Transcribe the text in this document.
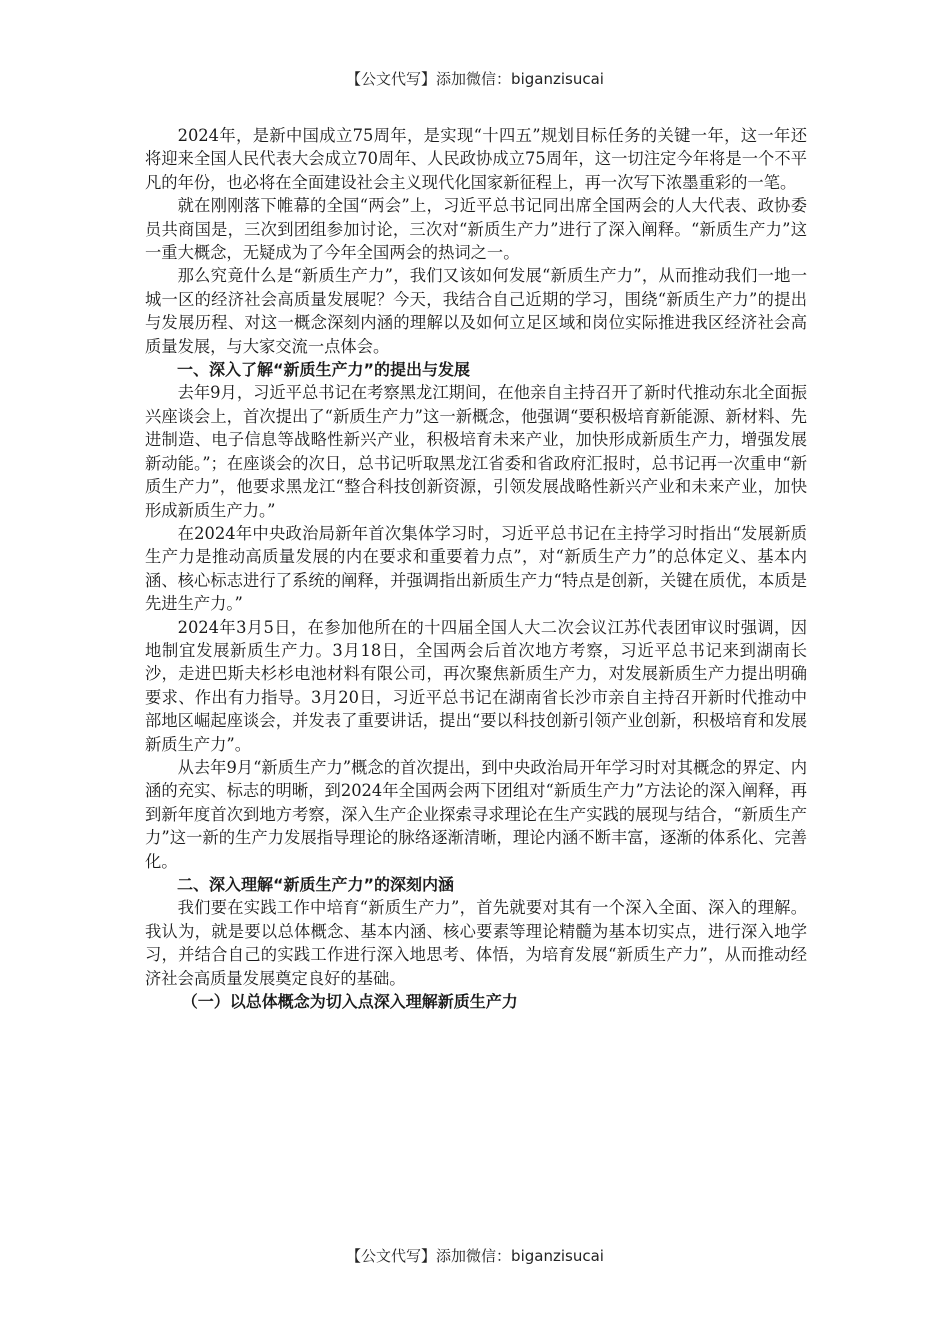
【公文代写】添加微信：biganzisucai

2024年，是新中国成立75周年，是实现“十四五”规划目标任务的关键一年，这一年还将迎来全国人民代表大会成立70周年、人民政协成立75周年，这一切注定今年将是一个不平凡的年份，也必将在全面建设社会主义现代化国家新征程上，再一次写下浓墨重彩的一笔。

就在刚刚落下帷幕的全国“两会”上，习近平总书记同出席全国两会的人大代表、政协委员共商国是，三次到团组参加讨论，三次对“新质生产力”进行了深入阐释。“新质生产力”这一重大概念，无疑成为了今年全国两会的热词之一。

那么究竟什么是“新质生产力”，我们又该如何发展“新质生产力”，从而推动我们一地一城一区的经济社会高质量发展呢？今天，我结合自己近期的学习，围绕“新质生产力”的提出与发展历程、对这一概念深刻内涵的理解以及如何立足区域和岗位实际推进我区经济社会高质量发展，与大家交流一点体会。

一、深入了解“新质生产力”的提出与发展

去年9月，习近平总书记在考察黑龙江期间，在他亲自主持召开了新时代推动东北全面振兴座谈会上，首次提出了“新质生产力”这一新概念，他强调“要积极培育新能源、新材料、先进制造、电子信息等战略性新兴产业，积极培育未来产业，加快形成新质生产力，增强发展新动能。”；在座谈会的次日，总书记听取黑龙江省委和省政府汇报时，总书记再一次重申“新质生产力”，他要求黑龙江“整合科技创新资源，引领发展战略性新兴产业和未来产业，加快形成新质生产力。”

在2024年中央政治局新年首次集体学习时，习近平总书记在主持学习时指出“发展新质生产力是推动高质量发展的内在要求和重要着力点”，对“新质生产力”的总体定义、基本内涵、核心标志进行了系统的阐释，并强调指出新质生产力“特点是创新，关键在质优，本质是先进生产力。”

2024年3月5日，在参加他所在的十四届全国人大二次会议江苏代表团审议时强调，因地制宜发展新质生产力。3月18日，全国两会后首次地方考察，习近平总书记来到湖南长沙，走进巴斯夫杉杉电池材料有限公司，再次聚焦新质生产力，对发展新质生产力提出明确要求、作出有力指导。3月20日，习近平总书记在湖南省长沙市亲自主持召开新时代推动中部地区崛起座谈会，并发表了重要讲话，提出“要以科技创新引领产业创新，积极培育和发展新质生产力”。

从去年9月“新质生产力”概念的首次提出，到中央政治局开年学习时对其概念的界定、内涵的充实、标志的明晰，到2024年全国两会两下团组对“新质生产力”方法论的深入阐释，再到新年度首次到地方考察，深入生产企业探索寻求理论在生产实践的展现与结合，“新质生产力”这一新的生产力发展指导理论的脉络逐渐清晰，理论内涵不断丰富，逐渐的体系化、完善化。

二、深入理解“新质生产力”的深刻内涵

我们要在实践工作中培育“新质生产力”，首先就要对其有一个深入全面、深入的理解。我认为，就是要以总体概念、基本内涵、核心要素等理论精髓为基本切实点，进行深入地学习，并结合自己的实践工作进行深入地思考、体悟，为培育发展“新质生产力”，从而推动经济社会高质量发展奠定良好的基础。

（一）以总体概念为切入点深入理解新质生产力

【公文代写】添加微信：biganzisucai
